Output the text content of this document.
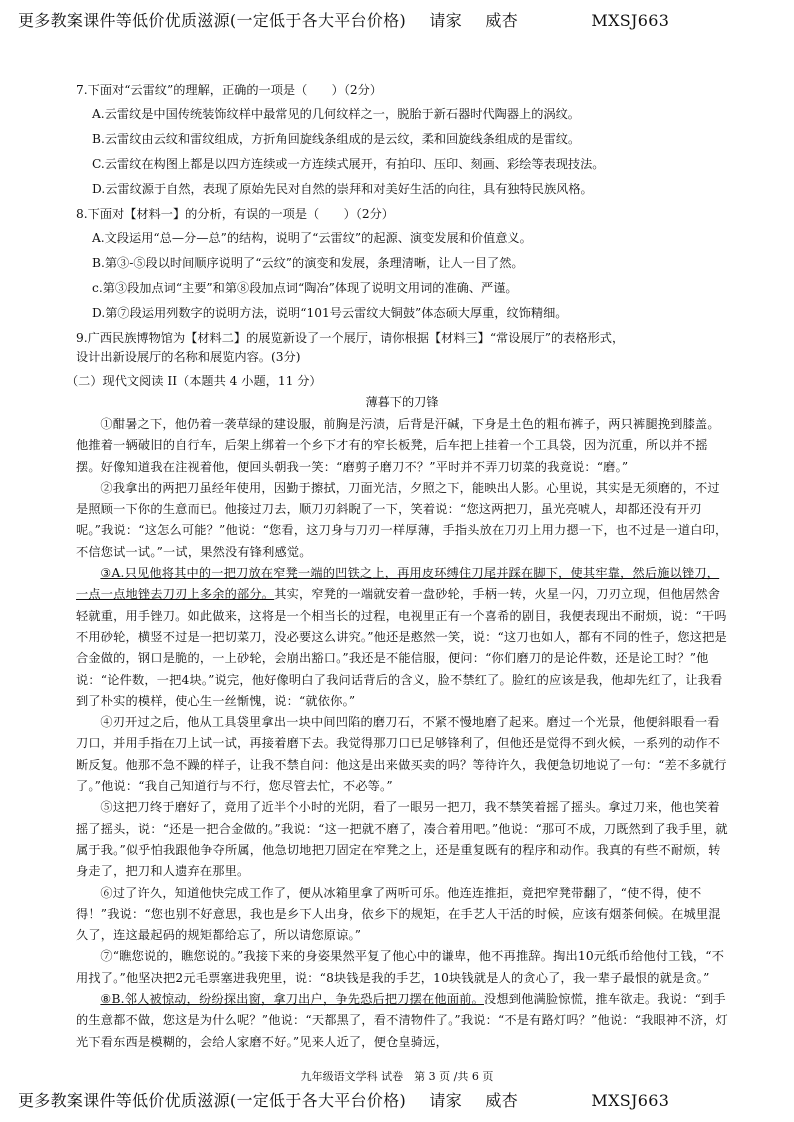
更多教案课件等低价优质滋源(一定低于各大平台价格) 请家 威杏	MXSJ663
7.下面对“云雷纹”的理解，正确的一项是（　　）（2分）
A.云雷纹是中国传统装饰纹样中最常见的几何纹样之一，脱胎于新石器时代陶器上的涡纹。
B.云雷纹由云纹和雷纹组成，方折角回旋线条组成的是云纹，柔和回旋线条组成的是雷纹。
C.云雷纹在构图上都是以四方连续或一方连续式展开，有拍印、压印、刻画、彩绘等表现技法。
D.云雷纹源于自然，表现了原始先民对自然的崇拜和对美好生活的向往，具有独特民族风格。
8.下面对【材料一】的分析，有误的一项是（　　）（2分）
A.文段运用“总—分—总”的结构，说明了“云雷纹”的起源、演变发展和价值意义。
B.第③-⑤段以时间顺序说明了“云纹”的演变和发展，条理清晰，让人一目了然。
c.第③段加点词“主要”和第⑧段加点词“陶冶”体现了说明文用词的准确、严谨。
D.第⑦段运用列数字的说明方法，说明“101号云雷纹大铜鼓”体态硕大厚重，纹饰精细。
9.广西民族博物馆为【材料二】的展览新设了一个展厅，请你根据【材料三】“常设展厅”的表格形式，
设计出新设展厅的名称和展览内容。(3分)
（二）现代文阅读 II（本题共 4 小题，11 分）
薄暮下的刀锋

①酣暑之下，他仍着一袭草绿的建设服，前胸是污渍，后背是汗碱，下身是土色的粗布裤子，两只裤腿挽到膝盖。他推着一辆破旧的自行车，后架上绑着一个乡下才有的窄长板凳，后车把上挂着一个工具袋，因为沉重，所以并不摇摆。好像知道我在注视着他，便回头朝我一笑：“磨剪子磨刀不？”平时并不弄刀切菜的我竟说：“磨。”

②我拿出的两把刀虽经年使用，因勤于擦拭，刀面光洁，夕照之下，能映出人影。心里说，其实是无须磨的，不过是照顾一下你的生意而已。他接过刀去，顺刀刃斜睨了一下，笑着说：“您这两把刀，虽光亮唬人，却都还没有开刃呢。”我说：“这怎么可能？”他说：“您看，这刀身与刀刃一样厚薄，手指头放在刀刃上用力摁一下，也不过是一道白印，不信您试一试。”一试，果然没有锋利感觉。

③A.只见他将其中的一把刀放在窄凳一端的凹铁之上，再用皮环缚住刀尾并踩在脚下，使其牢靠，然后施以锉刀，一点一点地锉去刀刃上多余的部分。其实，窄凳的一端就安着一盘砂轮，手柄一转，火星一闪，刀刃立现，但他居然舍轻就重，用手锉刀。如此做来，这将是一个相当长的过程，电视里正有一个喜希的剧目，我便表现出不耐烦，说：“干吗不用砂轮，横竖不过是一把切菜刀，没必要这么讲究。”他还是憨然一笑，说：“这刀也如人，都有不同的性子，您这把是合金做的，钢口是脆的，一上砂轮，会崩出豁口。”我还是不能信服，便问：“你们磨刀的是论件数，还是论工时？”他说：“论件数，一把4块。”说完，他好像明白了我问话背后的含义，脸不禁红了。脸红的应该是我，他却先红了，让我看到了朴实的模样，使心生一丝惭愧，说：“就依你。”

④刃开过之后，他从工具袋里拿出一块中间凹陷的磨刀石，不紧不慢地磨了起来。磨过一个光景，他便斜眼看一看刀口，并用手指在刀上试一试，再接着磨下去。我觉得那刀口已足够锋利了，但他还是觉得不到火候，一系列的动作不断反复。他那不急不躁的样子，让我不禁自问：他这是出来做买卖的吗？等待许久，我便急切地说了一句：“差不多就行了。”他说：“我自己知道行与不行，您尽管去忙，不必等。”

⑤这把刀终于磨好了，竟用了近半个小时的光阴，看了一眼另一把刀，我不禁笑着摇了摇头。拿过刀来，他也笑着摇了摇头，说：“还是一把合金做的。”我说：“这一把就不磨了，凑合着用吧。”他说：“那可不成，刀既然到了我手里，就属于我。”似乎怕我跟他争夺所属，他急切地把刀固定在窄凳之上，还是重复既有的程序和动作。我真的有些不耐烦，转身走了，把刀和人遗弃在那里。

⑥过了许久，知道他快完成工作了，便从冰箱里拿了两听可乐。他连连推拒，竟把窄凳带翻了，“使不得，使不得！”我说：“您也别不好意思，我也是乡下人出身，依乡下的规矩，在手艺人干活的时候，应该有烟茶伺候。在城里混久了，连这最起码的规矩都给忘了，所以请您原谅。”

⑦“瞧您说的，瞧您说的。”我接下来的身姿果然平复了他心中的谦卑，他不再推辞。掏出10元纸币给他付工钱，“不用找了。”他坚决把2元毛票塞进我兜里，说：“8块钱是我的手艺，10块钱就是人的贪心了，我一辈子最恨的就是贪。”

⑧B.邻人被惊动，纷纷探出窗，拿刀出户，争先恐后把刀摆在他面前。没想到他满脸惊慌，推车欲走。我说：“到手的生意都不做，您这是为什么呢？”他说：“天都黑了，看不清物件了。”我说：“不是有路灯吗？”他说：“我眼神不济，灯光下看东西是模糊的，会给人家磨不好。”见来人近了，便仓皇骑远，

九年级语文学科 试卷　第 3 页 /共 6 页
更多教案课件等低价优质滋源(一定低于各大平台价格) 请家 威杏	MXSJ663
